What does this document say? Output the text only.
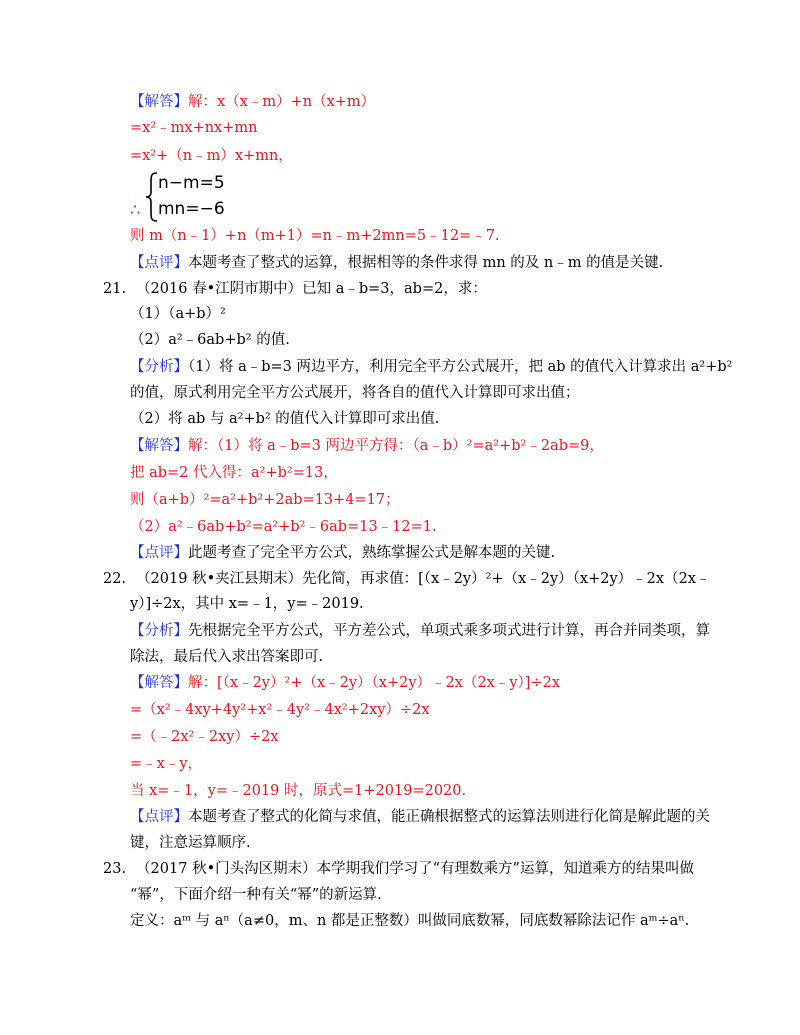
【解答】解：x（x﹣m）+n（x+m）
=x²﹣mx+nx+mn
=x²+（n﹣m）x+mn，
n−m=5
mn=−6
∴
则 m（n﹣1）+n（m+1）=n﹣m+2mn=5﹣12=﹣7.
【点评】本题考查了整式的运算，根据相等的条件求得 mn 的及 n﹣m 的值是关键.
21. （2016 春•江阴市期中）已知 a﹣b=3，ab=2，求：
（1）（a+b）²
（2）a²﹣6ab+b² 的值.
【分析】（1）将 a﹣b=3 两边平方，利用完全平方公式展开，把 ab 的值代入计算求出 a²+b²
的值，原式利用完全平方公式展开，将各自的值代入计算即可求出值；
（2）将 ab 与 a²+b² 的值代入计算即可求出值.
【解答】解：（1）将 a﹣b=3 两边平方得：（a﹣b）²=a²+b²﹣2ab=9，
把 ab=2 代入得：a²+b²=13，
则（a+b）²=a²+b²+2ab=13+4=17；
（2）a²﹣6ab+b²=a²+b²﹣6ab=13﹣12=1.
【点评】此题考查了完全平方公式，熟练掌握公式是解本题的关键.
22. （2019 秋•夹江县期末）先化简，再求值：[（x﹣2y）²+（x﹣2y）（x+2y）﹣2x（2x﹣
y）]÷2x，其中 x=﹣1，y=﹣2019.
【分析】先根据完全平方公式，平方差公式，单项式乘多项式进行计算，再合并同类项，算
除法，最后代入求出答案即可.
【解答】解：[（x﹣2y）²+（x﹣2y）（x+2y）﹣2x（2x﹣y）]÷2x
=（x²﹣4xy+4y²+x²﹣4y²﹣4x²+2xy）÷2x
=（﹣2x²﹣2xy）÷2x
=﹣x﹣y，
当 x=﹣1，y=﹣2019 时，原式=1+2019=2020.
【点评】本题考查了整式的化简与求值，能正确根据整式的运算法则进行化简是解此题的关
键，注意运算顺序.
23. （2017 秋•门头沟区期末）本学期我们学习了“有理数乘方”运算，知道乘方的结果叫做
“幂”，下面介绍一种有关“幂”的新运算.
定义：aᵐ 与 aⁿ（a≠0，m、n 都是正整数）叫做同底数幂，同底数幂除法记作 aᵐ÷aⁿ.
